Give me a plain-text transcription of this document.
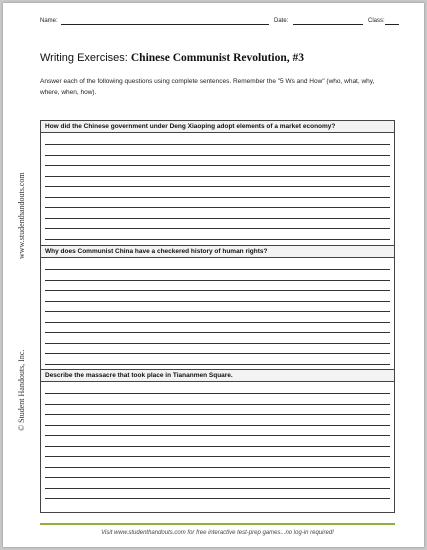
www.studenthandouts.com
© Student Handouts, Inc.
Name:	Date:	Class:
Writing Exercises: Chinese Communist Revolution, #3
Answer each of the following questions using complete sentences. Remember the "5 Ws and How" (who, what, why, where, when, how).
How did the Chinese government under Deng Xiaoping adopt elements of a market economy?
Why does Communist China have a checkered history of human rights?
Describe the massacre that took place in Tiananmen Square.
Visit www.studenthandouts.com for free interactive test-prep games...no log-in required!
